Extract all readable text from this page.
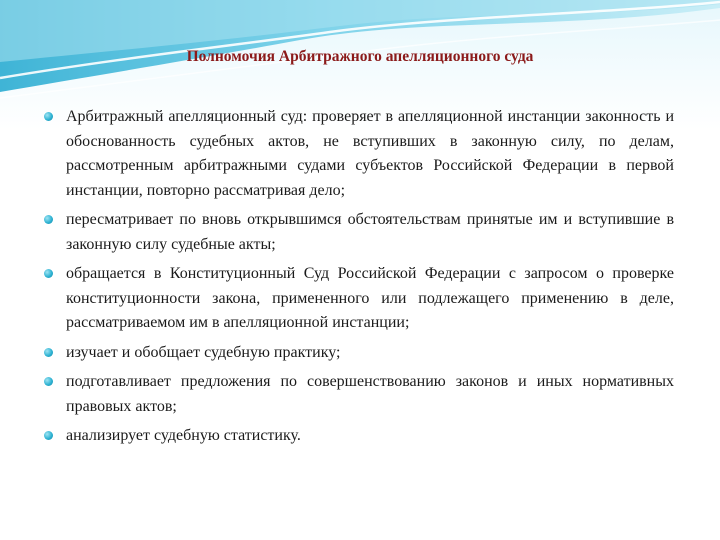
Полномочия Арбитражного апелляционного суда
Арбитражный апелляционный суд: проверяет в апелляционной инстанции законность и обоснованность судебных актов, не вступивших в законную силу, по делам, рассмотренным арбитражными судами субъектов Российской Федерации в первой инстанции, повторно рассматривая дело;
пересматривает по вновь открывшимся обстоятельствам принятые им и вступившие в законную силу судебные акты;
обращается в Конституционный Суд Российской Федерации с запросом о проверке конституционности закона, примененного или подлежащего применению в деле, рассматриваемом им в апелляционной инстанции;
изучает и обобщает судебную практику;
подготавливает предложения по совершенствованию законов и иных нормативных правовых актов;
анализирует судебную статистику.
